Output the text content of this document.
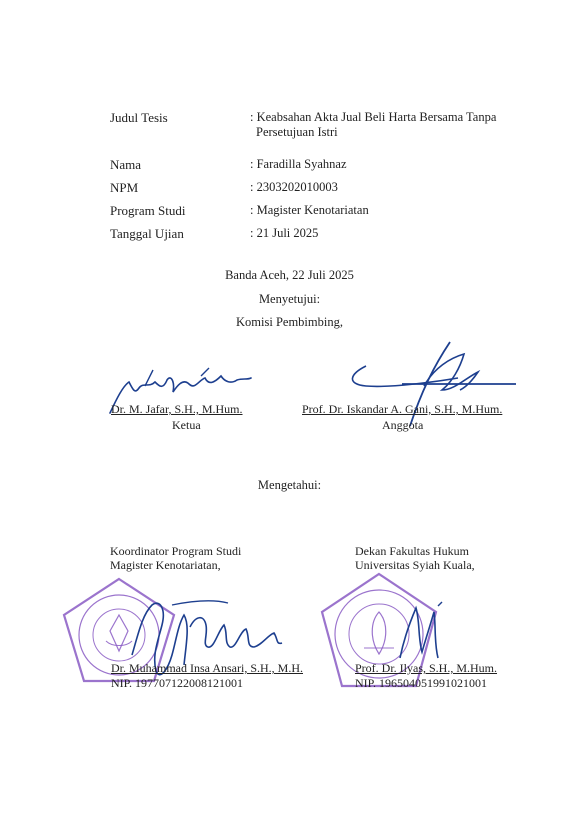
Judul Tesis	: Keabsahan Akta Jual Beli Harta Bersama Tanpa
Persetujuan Istri
Nama	: Faradilla Syahnaz
NPM	: 2303202010003
Program Studi	: Magister Kenotariatan
Tanggal Ujian	: 21 Juli 2025
Banda Aceh, 22 Juli 2025
Menyetujui:
Komisi Pembimbing,
Dr. M. Jafar, S.H., M.Hum.
Ketua
Prof. Dr. Iskandar A. Gani, S.H., M.Hum.
Anggota
Mengetahui:
Koordinator Program Studi
Magister Kenotariatan,
Dekan Fakultas Hukum
Universitas Syiah Kuala,
Dr. Muhammad Insa Ansari, S.H., M.H.
NIP. 197707122008121001
Prof. Dr. Ilyas, S.H., M.Hum.
NIP. 196504051991021001
